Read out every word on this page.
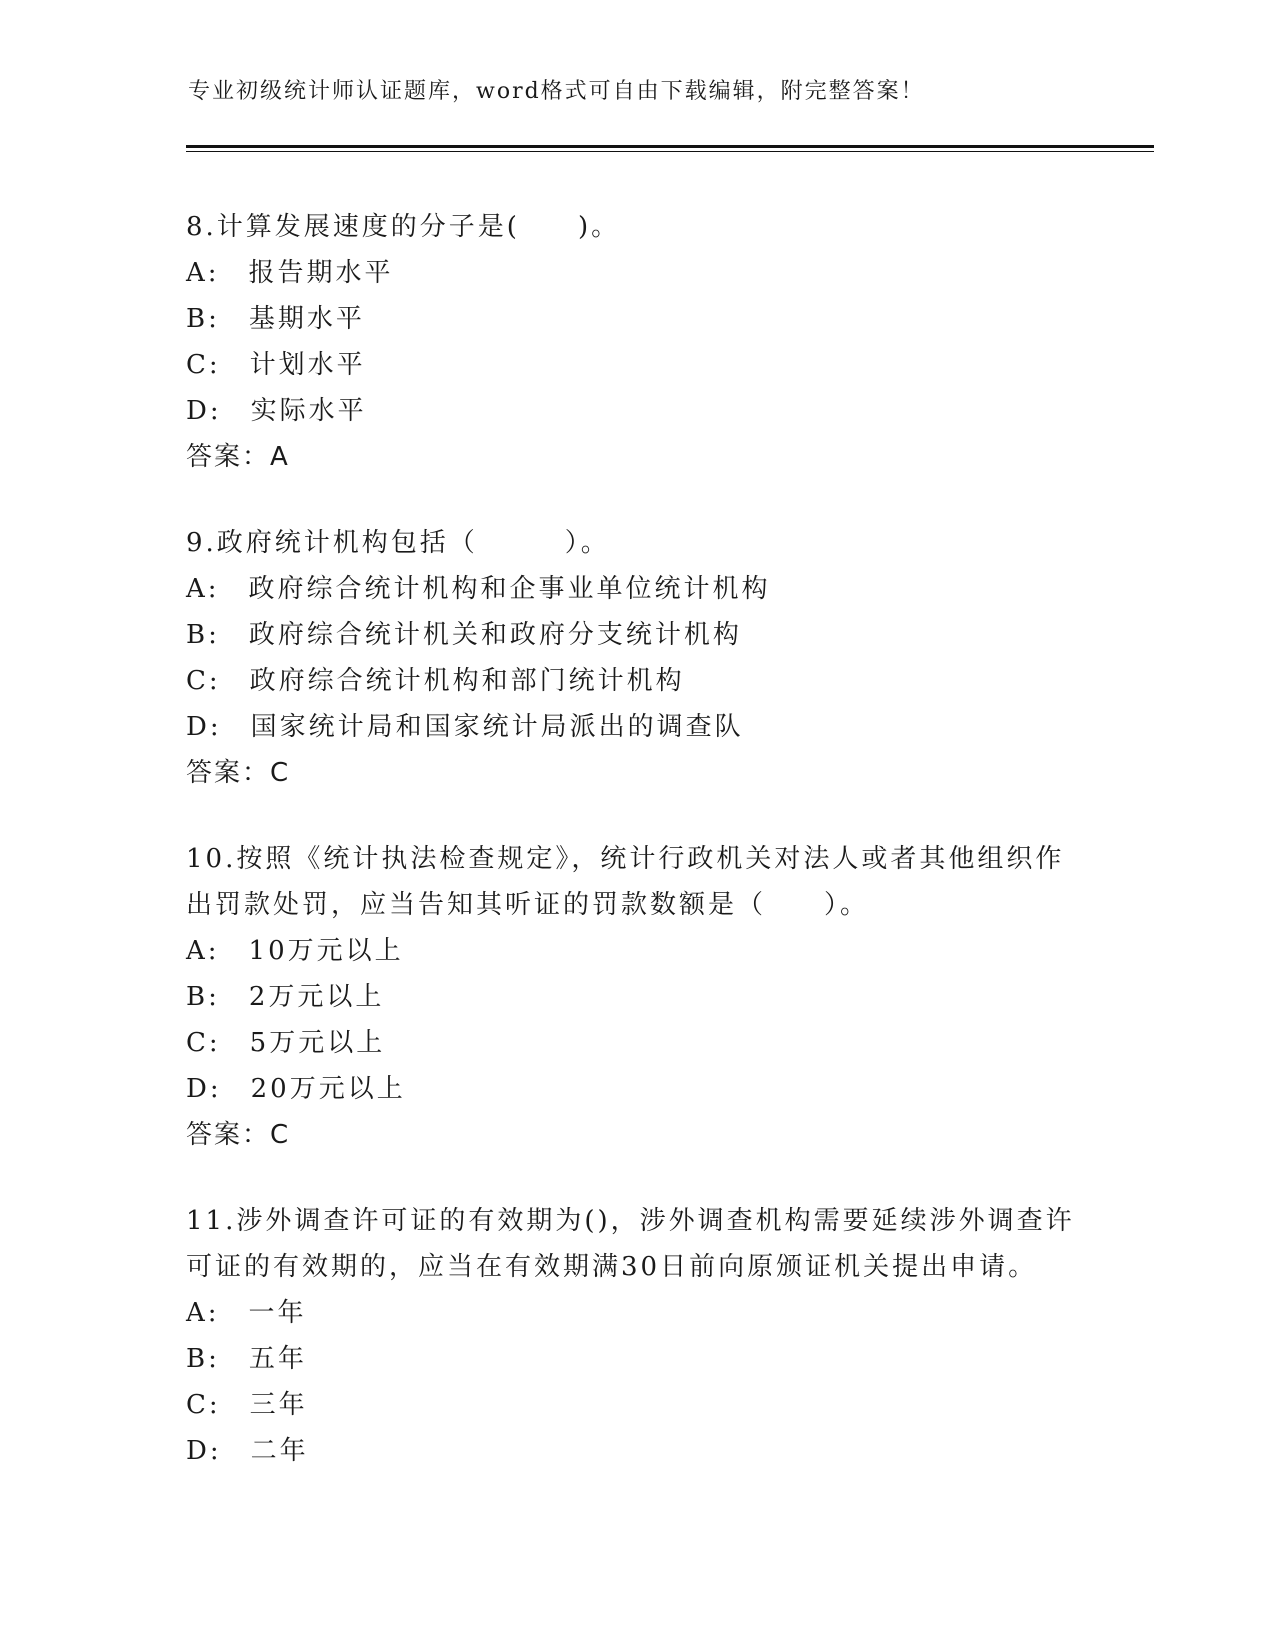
专业初级统计师认证题库，word格式可自由下载编辑，附完整答案！
8.计算发展速度的分子是(　　)。
A:　报告期水平
B:　基期水平
C:　计划水平
D:　实际水平
答案：A
9.政府统计机构包括（　　　）。
A:　政府综合统计机构和企事业单位统计机构
B:　政府综合统计机关和政府分支统计机构
C:　政府综合统计机构和部门统计机构
D:　国家统计局和国家统计局派出的调查队
答案：C
10.按照《统计执法检查规定》，统计行政机关对法人或者其他组织作出罚款处罚，应当告知其听证的罚款数额是（　　）。
A:　10万元以上
B:　2万元以上
C:　5万元以上
D:　20万元以上
答案：C
11.涉外调查许可证的有效期为()，涉外调查机构需要延续涉外调查许可证的有效期的，应当在有效期满30日前向原颁证机关提出申请。
A:　一年
B:　五年
C:　三年
D:　二年
